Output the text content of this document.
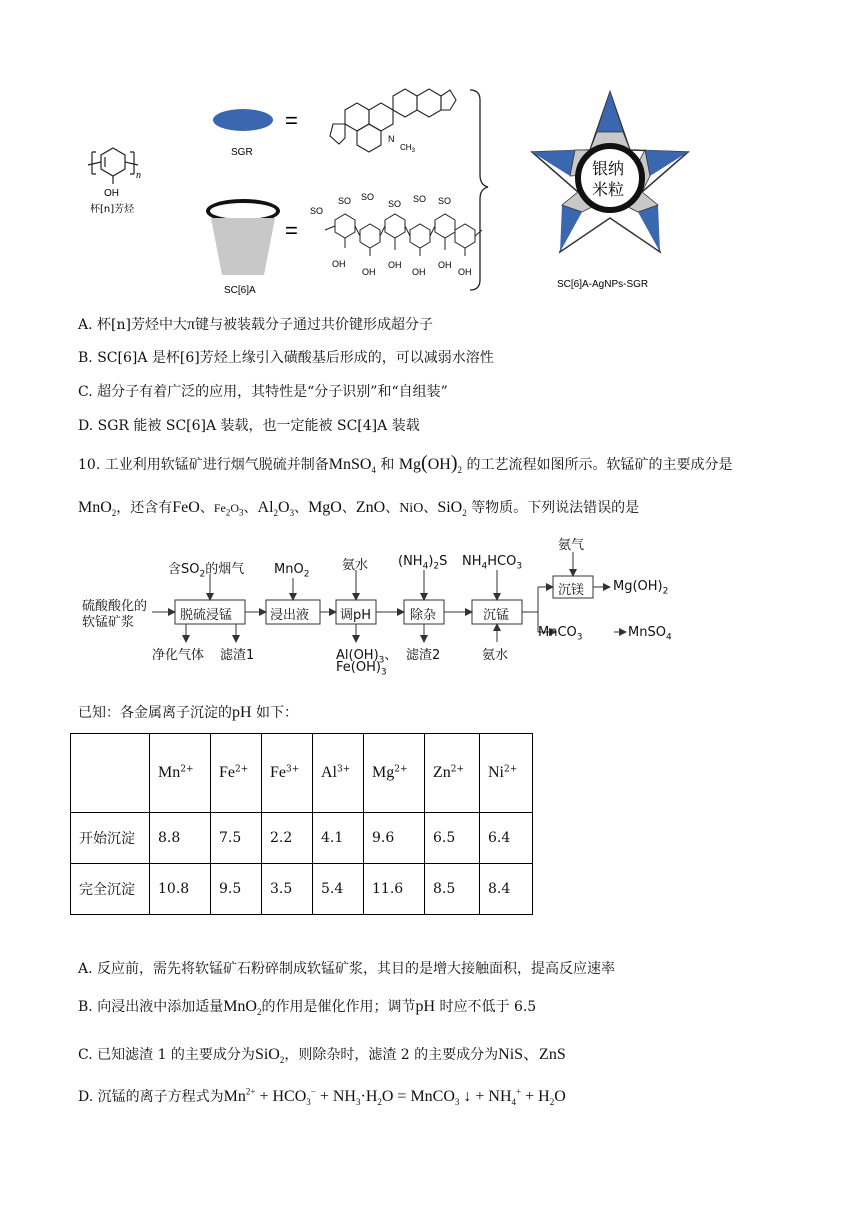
OH
n
杯[n]芳烃
SGR
=
N
$CH_3$
SC[6]A
=
SO
SO SO
SO SO SO
OH
OH
OH
OH
OH
OH
银纳
米粒
SC[6]A-AgNPs-SGR
A. 杯[n]芳烃中大π键与被装载分子通过共价键形成超分子
B. SC[6]A 是杯[6]芳烃上缘引入磺酸基后形成的，可以减弱水溶性
C. 超分子有着广泛的应用，其特性是“分子识别”和“自组装”
D. SGR 能被 SC[6]A 装载，也一定能被 SC[4]A 装载
10. 工业利用软锰矿进行烟气脱硫并制备MnSO$_4$ 和 $Mg(OH)_2$ 的工艺流程如图所示。软锰矿的主要成分是
MnO$_2$，还含有FeO、$Fe_2O_3$、$Al_2O_3$、MgO、ZnO、NiO、SiO$_2$ 等物质。下列说法错误的是
硫酸酸化的
软锰矿浆
含$SO_2$的烟气
脱硫浸锰
净化气体 滤渣1
MnO$_2$
浸出液
氨水
调pH
$Al(OH)_3$、
$Fe(OH)_3$
$(NH_4)_2S$
除杂
滤渣2
$NH_4HCO_3$
沉锰
氨水
氨气
沉镁 $Mg(OH)_2$
MnCO$_3$	MnSO$_4$
已知：各金属离子沉淀的pH 如下：
	$Mn^{2+}$	$Fe^{2+}$	$Fe^{3+}$	$Al^{3+}$	$Mg^{2+}$	$Zn^{2+}$	$Ni^{2+}$
开始沉淀	8.8	7.5	2.2	4.1	9.6	6.5	6.4
完全沉淀	10.8	9.5	3.5	5.4	11.6	8.5	8.4
A. 反应前，需先将软锰矿石粉碎制成软锰矿浆，其目的是增大接触面积，提高反应速率
B. 向浸出液中添加适量MnO$_2$的作用是催化作用；调节pH 时应不低于 6.5
C. 已知滤渣 1 的主要成分为SiO$_2$，则除杂时，滤渣 2 的主要成分为NiS、ZnS
D. 沉锰的离子方程式为$Mn^{2+} + HCO_3^- + NH_3\cdot H_2O$ = MnCO$_3$ ↓ + $NH_4^+ + H_2O$
